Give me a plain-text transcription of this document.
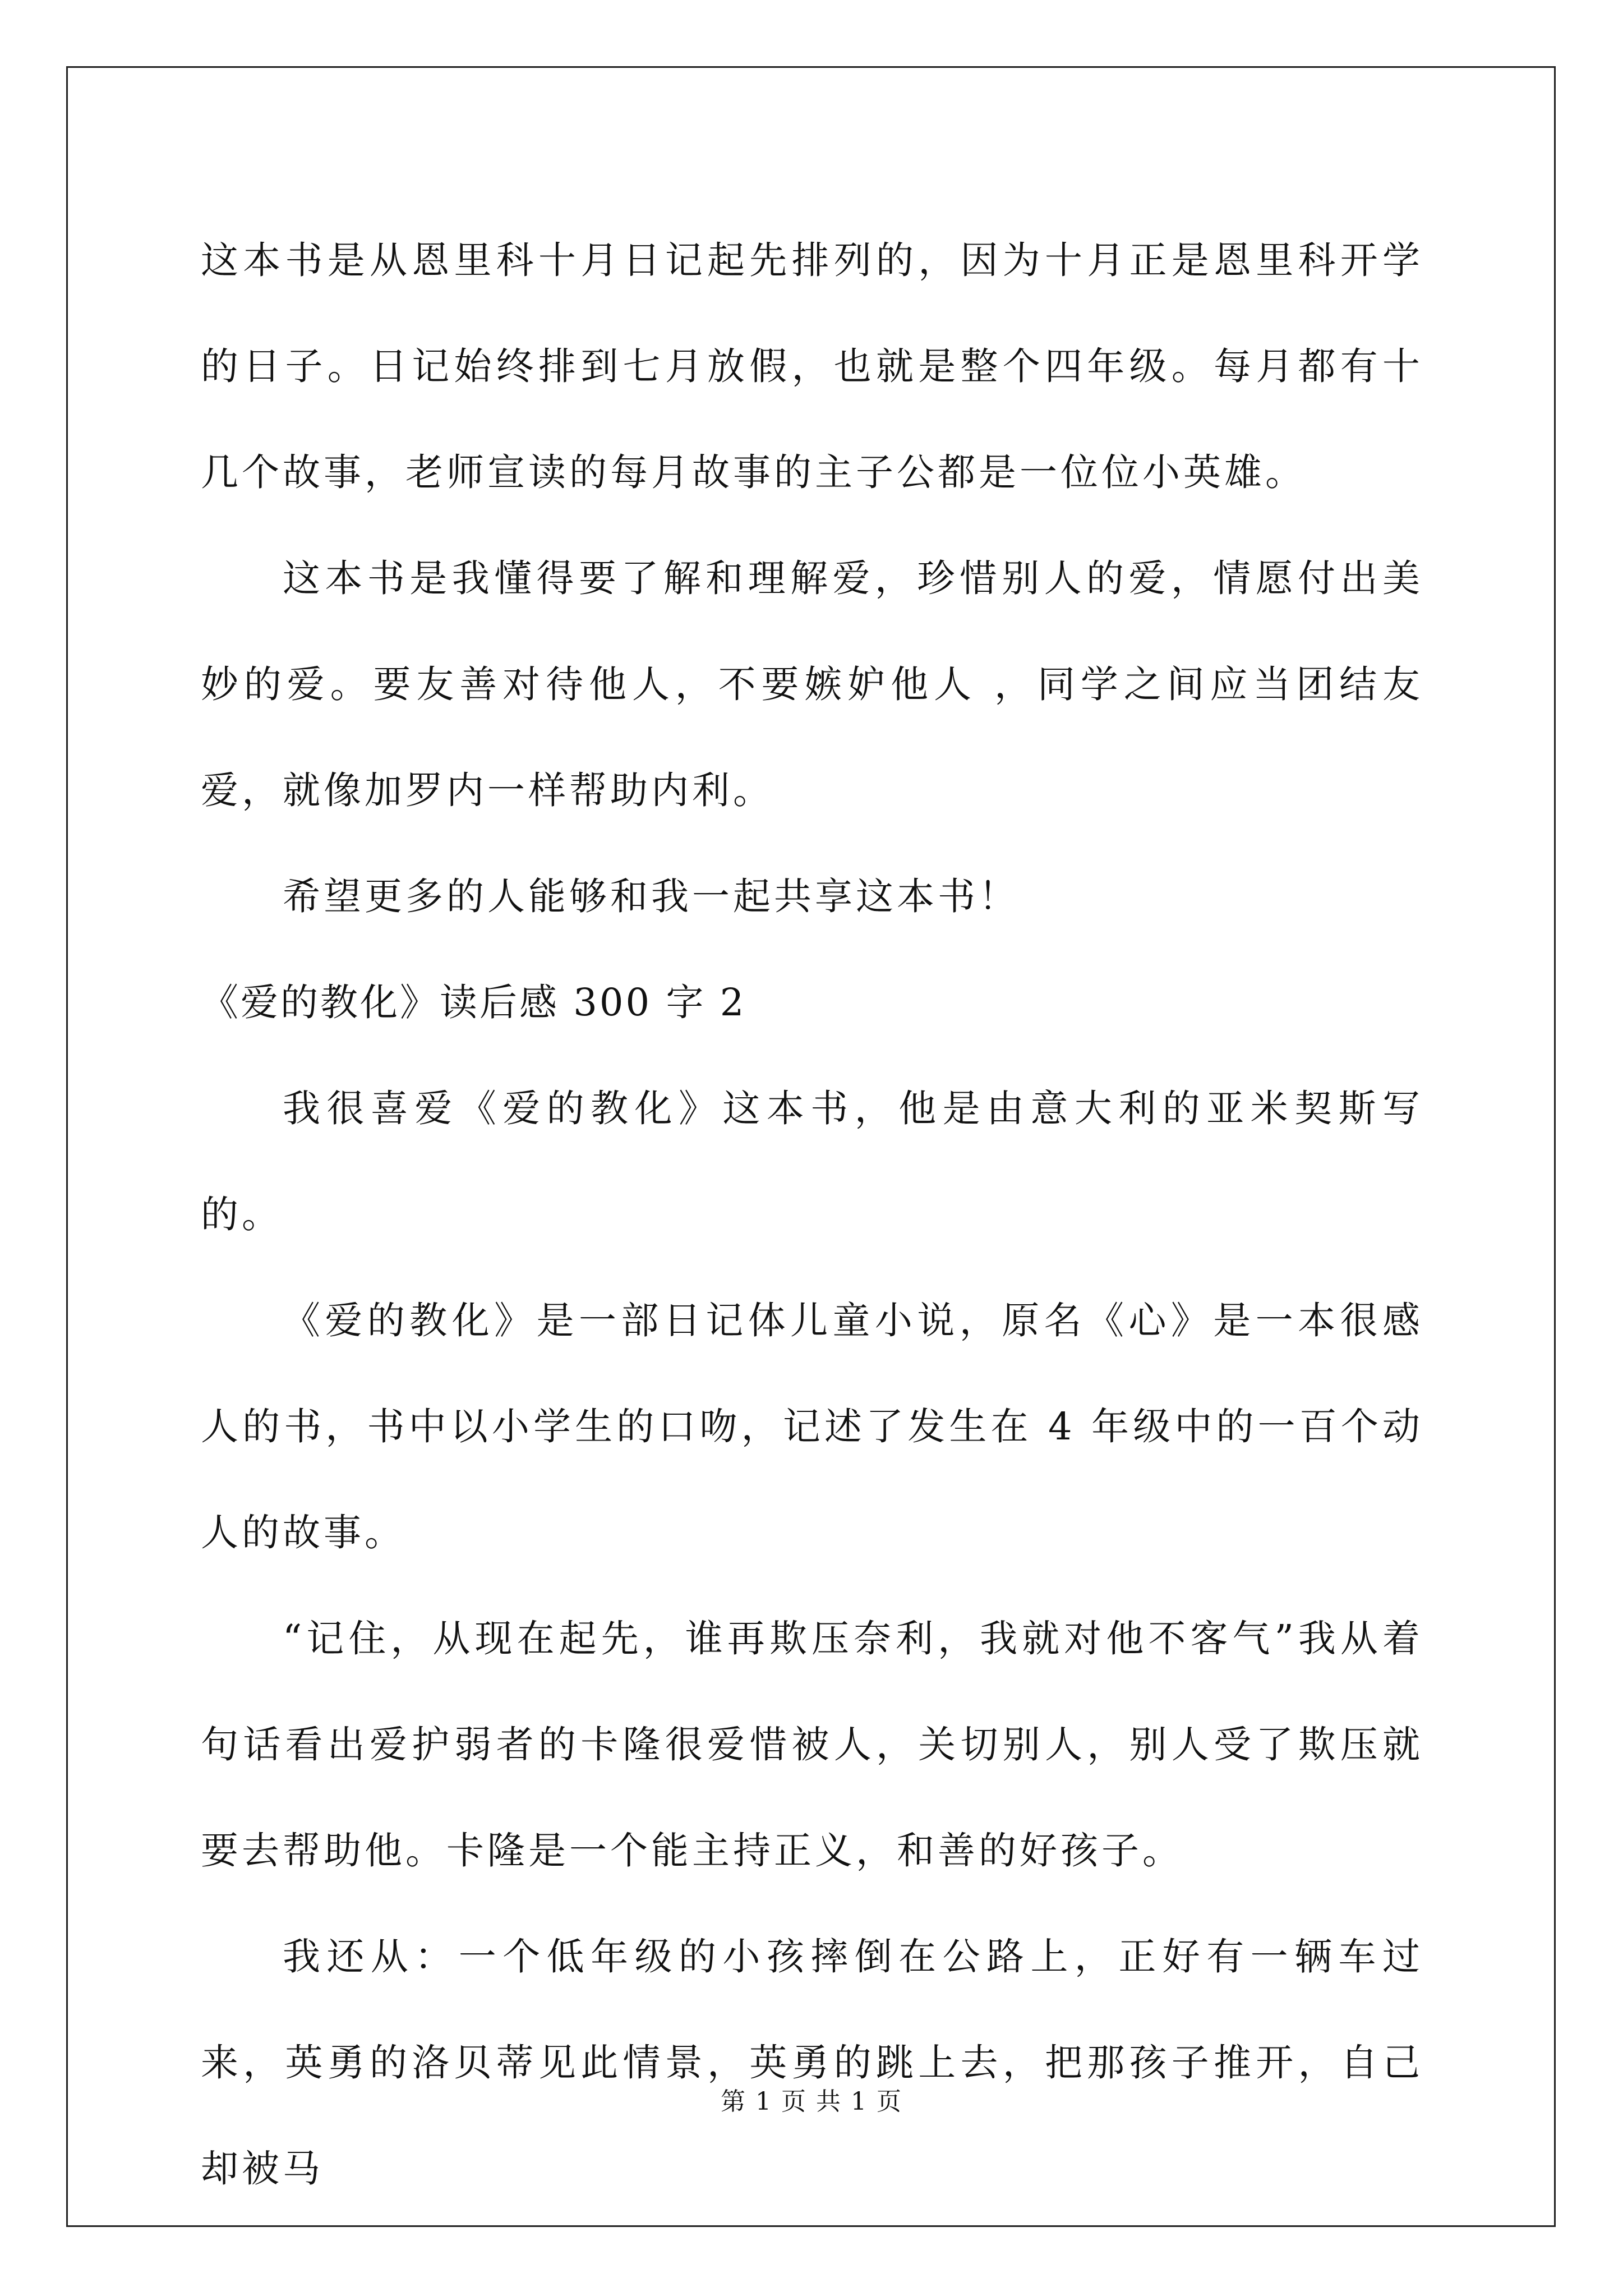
这本书是从恩里科十月日记起先排列的，因为十月正是恩里科开学的日子。日记始终排到七月放假，也就是整个四年级。每月都有十几个故事，老师宣读的每月故事的主子公都是一位位小英雄。

这本书是我懂得要了解和理解爱，珍惜别人的爱，情愿付出美妙的爱。要友善对待他人，不要嫉妒他人 ，同学之间应当团结友爱，就像加罗内一样帮助内利。

希望更多的人能够和我一起共享这本书！

《爱的教化》读后感 300 字 2

我很喜爱《爱的教化》这本书，他是由意大利的亚米契斯写的。

《爱的教化》是一部日记体儿童小说，原名《心》是一本很感人的书，书中以小学生的口吻，记述了发生在 4 年级中的一百个动人的故事。

“记住，从现在起先，谁再欺压奈利，我就对他不客气”我从着句话看出爱护弱者的卡隆很爱惜被人，关切别人，别人受了欺压就要去帮助他。卡隆是一个能主持正义，和善的好孩子。

我还从：一个低年级的小孩摔倒在公路上，正好有一辆车过来，英勇的洛贝蒂见此情景，英勇的跳上去，把那孩子推开，自己却被马

第 1 页 共 1 页
